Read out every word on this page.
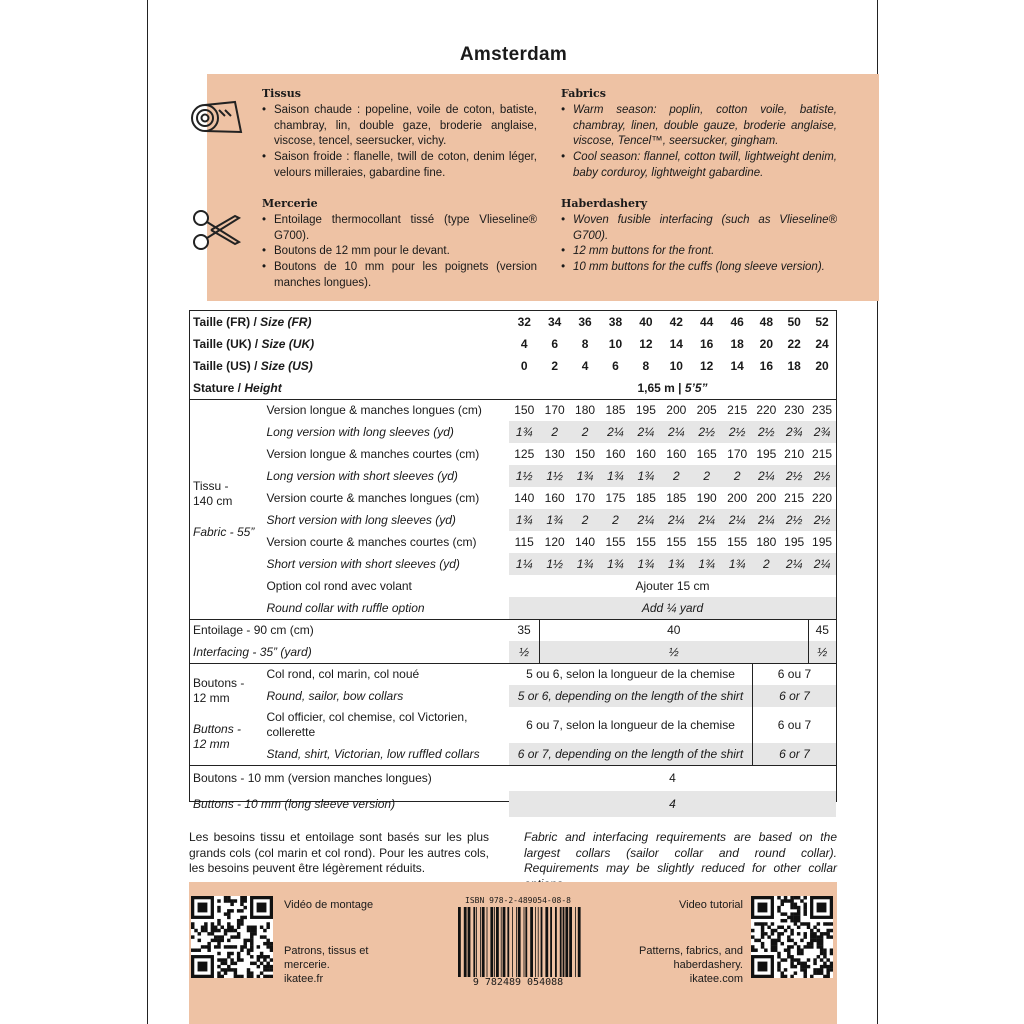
Amsterdam
Tissus
• Saison chaude : popeline, voile de coton, batiste, chambray, lin, double gaze, broderie anglaise, viscose, tencel, seersucker, vichy.
• Saison froide : flanelle, twill de coton, denim léger, velours milleraies, gabardine fine.
Fabrics
• Warm season: poplin, cotton voile, batiste, chambray, linen, double gauze, broderie anglaise, viscose, Tencel™, seersucker, gingham.
• Cool season: flannel, cotton twill, lightweight denim, baby corduroy, lightweight gabardine.
Mercerie
• Entoilage thermocollant tissé (type Vlieseline® G700).
• Boutons de 12 mm pour le devant.
• Boutons de 10 mm pour les poignets (version manches longues).
Haberdashery
• Woven fusible interfacing (such as Vlieseline® G700).
• 12 mm buttons for the front.
• 10 mm buttons for the cuffs (long sleeve version).
Taille (FR) / Size (FR)		32	34	36	38	40	42	44	46	48	50	52
Taille (UK) / Size (UK)		4	6	8	10	12	14	16	18	20	22	24
Taille (US) / Size (US)		0	2	4	6	8	10	12	14	16	18	20
Stature / Height		1,65 m | 5’5”										

Tissu - 140 cm
Fabric - 55”	Version longue & manches longues (cm)	150	170	180	185	195	200	205	215	220	230	235
	Long version with long sleeves (yd)	1¾	2	2	2¼	2¼	2¼	2½	2½	2½	2¾	2¾
	Version longue & manches courtes (cm)	125	130	150	160	160	160	165	170	195	210	215
	Long version with short sleeves (yd)	1½	1½	1¾	1¾	1¾	2	2	2	2¼	2½	2½
	Version courte & manches longues (cm)	140	160	170	175	185	185	190	200	200	215	220
	Short version with long sleeves (yd)	1¾	1¾	2	2	2¼	2¼	2¼	2¼	2¼	2½	2½
	Version courte & manches courtes (cm)	115	120	140	155	155	155	155	155	180	195	195
	Short version with short sleeves (yd)	1¼	1½	1¾	1¾	1¾	1¾	1¾	1¾	2	2¼	2¼
	Option col rond avec volant	Ajouter 15 cm										
	Round collar with ruffle option	Add ¼ yard										
Entoilage - 90 cm (cm)		35	40									45
Interfacing - 35” (yard)		½	½									½

Boutons - 12 mm
Buttons - 12 mm	Col rond, col marin, col noué	5 ou 6, selon la longueur de la chemise								6 ou 7		
	Round, sailor, bow collars	5 or 6, depending on the length of the shirt								6 or 7		
	Col officier, col chemise, col Victorien, collerette	6 ou 7, selon la longueur de la chemise								6 ou 7		
	Stand, shirt, Victorian, low ruffled collars	6 or 7, depending on the length of the shirt								6 or 7		
Boutons - 10 mm (version manches longues)		4										
Buttons - 10 mm (long sleeve version)		4										
Les besoins tissu et entoilage sont basés sur les plus grands cols (col marin et col rond). Pour les autres cols, les besoins peuvent être légèrement réduits.
Fabric and interfacing requirements are based on the largest collars (sailor collar and round collar). Requirements may be slightly reduced for other collar
Vidéo de montage
Patrons, tissus et mercerie.
ikatee.fr
ISBN 978-2-489054-08-8
9 782489 054088
Video tutorial
Patterns, fabrics, and haberdashery.
ikatee.com
